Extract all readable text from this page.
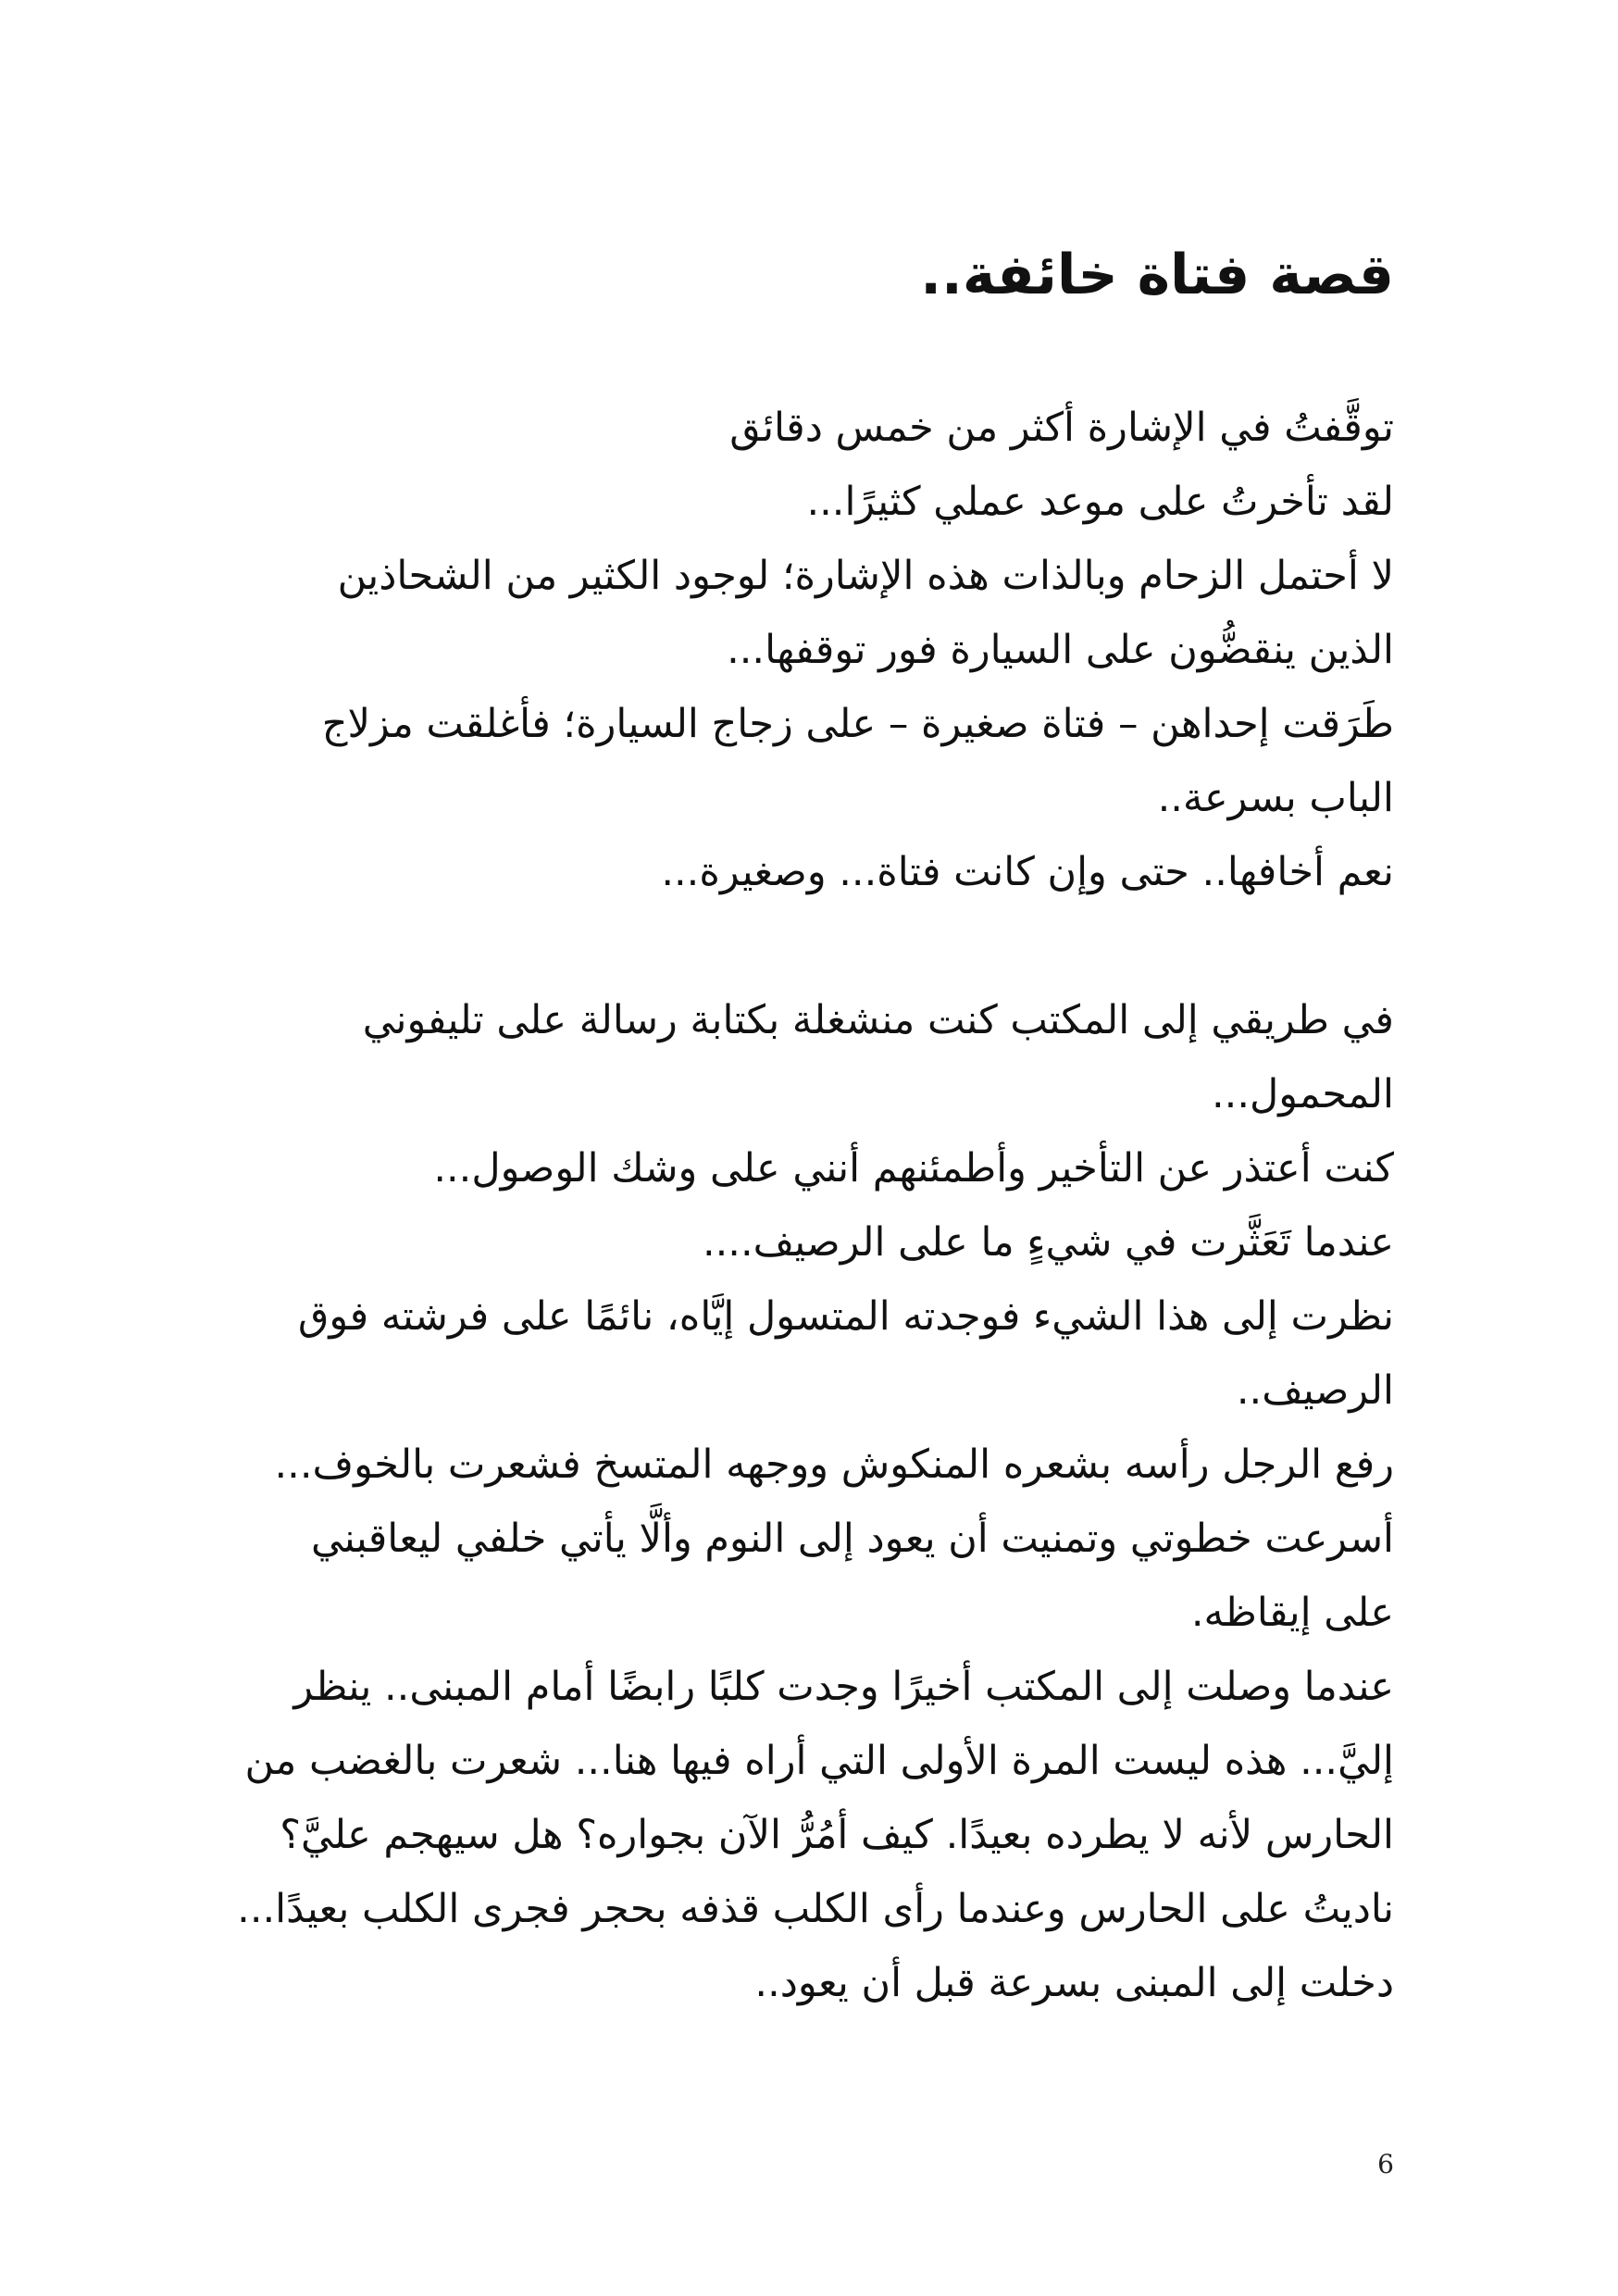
قصة فتاة خائفة..
توقَّفتُ في الإشارة أكثر من خمس دقائق
لقد تأخرتُ على موعد عملي كثيرًا...
لا أحتمل الزحام وبالذات هذه الإشارة؛ لوجود الكثير من الشحاذين
الذين ينقضُّون على السيارة فور توقفها...
طَرَقت إحداهن – فتاة صغيرة – على زجاج السيارة؛ فأغلقت مزلاج
الباب بسرعة..
نعم أخافها.. حتى وإن كانت فتاة... وصغيرة...
في طريقي إلى المكتب كنت منشغلة بكتابة رسالة على تليفوني
المحمول...
كنت أعتذر عن التأخير وأطمئنهم أنني على وشك الوصول...
عندما تَعَثَّرت في شيءٍ ما على الرصيف....
نظرت إلى هذا الشيء فوجدته المتسول إيَّاه، نائمًا على فرشته فوق
الرصيف..
رفع الرجل رأسه بشعره المنكوش ووجهه المتسخ فشعرت بالخوف...
أسرعت خطوتي وتمنيت أن يعود إلى النوم وألَّا يأتي خلفي ليعاقبني
على إيقاظه.
عندما وصلت إلى المكتب أخيرًا وجدت كلبًا رابضًا أمام المبنى.. ينظر
إليَّ... هذه ليست المرة الأولى التي أراه فيها هنا... شعرت بالغضب من
الحارس لأنه لا يطرده بعيدًا. كيف أمُرُّ الآن بجواره؟ هل سيهجم عليَّ؟
ناديتُ على الحارس وعندما رأى الكلب قذفه بحجر فجرى الكلب بعيدًا...
دخلت إلى المبنى بسرعة قبل أن يعود..
6
